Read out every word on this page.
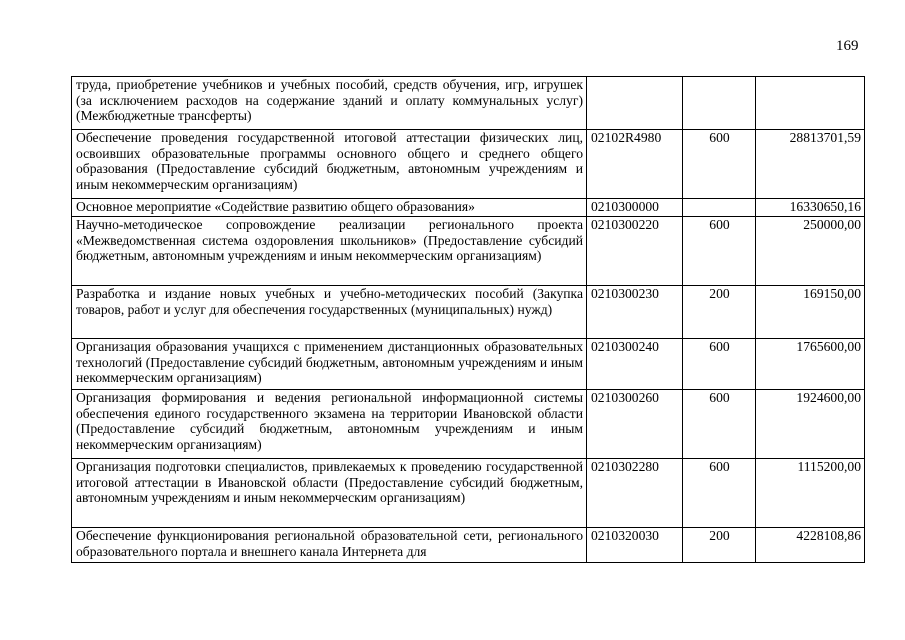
169
труда, приобретение учебников и учебных пособий, средств обучения, игр, игрушек (за исключением расходов на содержание зданий и оплату коммунальных услуг) (Межбюджетные трансферты)			
Обеспечение проведения государственной итоговой аттестации физических лиц, освоивших образовательные программы основного общего и среднего общего образования (Предоставление субсидий бюджетным, автономным учреждениям и иным некоммерческим организациям)	02102R4980	600	28813701,59
Основное мероприятие «Содействие развитию общего образования»	0210300000		16330650,16
Научно-методическое сопровождение реализации регионального проекта «Межведомственная система оздоровления школьников» (Предоставление субсидий бюджетным, автономным учреждениям и иным некоммерческим организациям)	0210300220	600	250000,00
Разработка и издание новых учебных и учебно-методических пособий (Закупка товаров, работ и услуг для обеспечения государственных (муниципальных) нужд)	0210300230	200	169150,00
Организация образования учащихся с применением дистанционных образовательных технологий (Предоставление субсидий бюджетным, автономным учреждениям и иным некоммерческим организациям)	0210300240	600	1765600,00
Организация формирования и ведения региональной информационной системы обеспечения единого государственного экзамена на территории Ивановской области (Предоставление субсидий бюджетным, автономным учреждениям и иным некоммерческим организациям)	0210300260	600	1924600,00
Организация подготовки специалистов, привлекаемых к проведению государственной итоговой аттестации в Ивановской области (Предоставление субсидий бюджетным, автономным учреждениям и иным некоммерческим организациям)	0210302280	600	1115200,00
Обеспечение функционирования региональной образовательной сети, регионального образовательного портала и внешнего канала Интернета для	0210320030	200	4228108,86
